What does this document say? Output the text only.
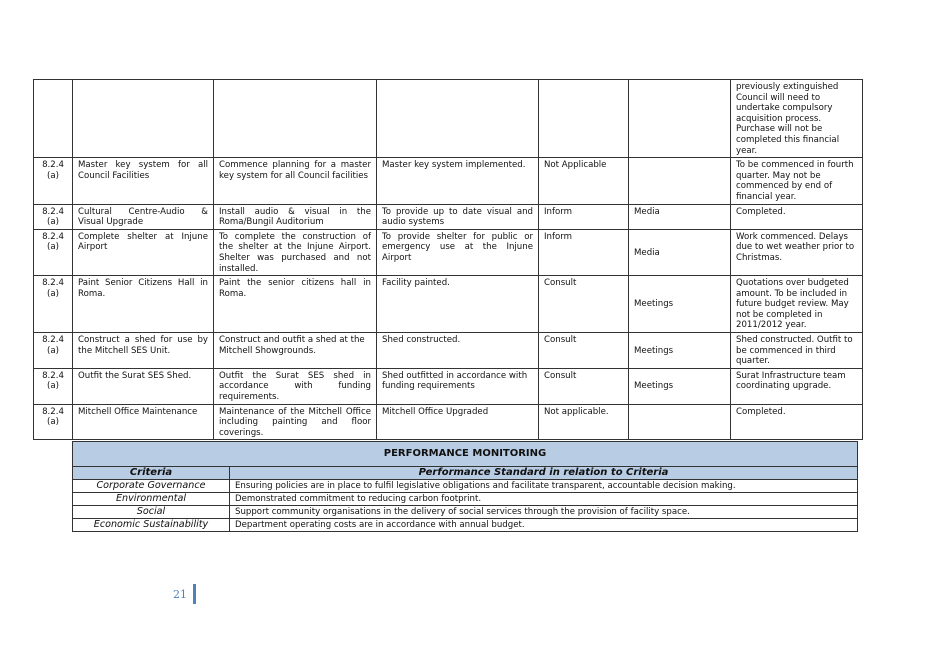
						previously extinguished Council will need to undertake compulsory acquisition process. Purchase will not be completed this financial year.

8.2.4 (a)	Master key system for all Council Facilities	Commence planning for a master key system for all Council facilities	Master key system implemented.	Not Applicable		To be commenced in fourth quarter. May not be commenced by end of financial year.

8.2.4 (a)	Cultural Centre-Audio & Visual Upgrade	Install audio & visual in the Roma/Bungil Auditorium	To provide up to date visual and audio systems	Inform	Media	Completed.

8.2.4 (a)	Complete shelter at Injune Airport	To complete the construction of the shelter at the Injune Airport. Shelter was purchased and not installed.	To provide shelter for public or emergency use at the Injune Airport	Inform	Media	Work commenced. Delays due to wet weather prior to Christmas.

8.2.4 (a)	Paint Senior Citizens Hall in Roma.	Paint the senior citizens hall in Roma.	Facility painted.	Consult	Meetings	Quotations over budgeted amount. To be included in future budget review. May not be completed in 2011/2012 year.

8.2.4 (a)	Construct a shed for use by the Mitchell SES Unit.	Construct and outfit a shed at the Mitchell Showgrounds.	Shed constructed.	Consult	Meetings	Shed constructed. Outfit to be commenced in third quarter.

8.2.4 (a)	Outfit the Surat SES Shed.	Outfit the Surat SES shed in accordance with funding requirements.	Shed outfitted in accordance with funding requirements	Consult	Meetings	Surat Infrastructure team coordinating upgrade.

8.2.4 (a)	Mitchell Office Maintenance	Maintenance of the Mitchell Office including painting and floor coverings.	Mitchell Office Upgraded	Not applicable.		Completed.
PERFORMANCE MONITORING	
Criteria	Performance Standard in relation to Criteria
Corporate Governance	Ensuring policies are in place to fulfil legislative obligations and facilitate transparent, accountable decision making.
Environmental	Demonstrated commitment to reducing carbon footprint.
Social	Support community organisations in the delivery of social services through the provision of facility space.
Economic Sustainability	Department operating costs are in accordance with annual budget.
21
